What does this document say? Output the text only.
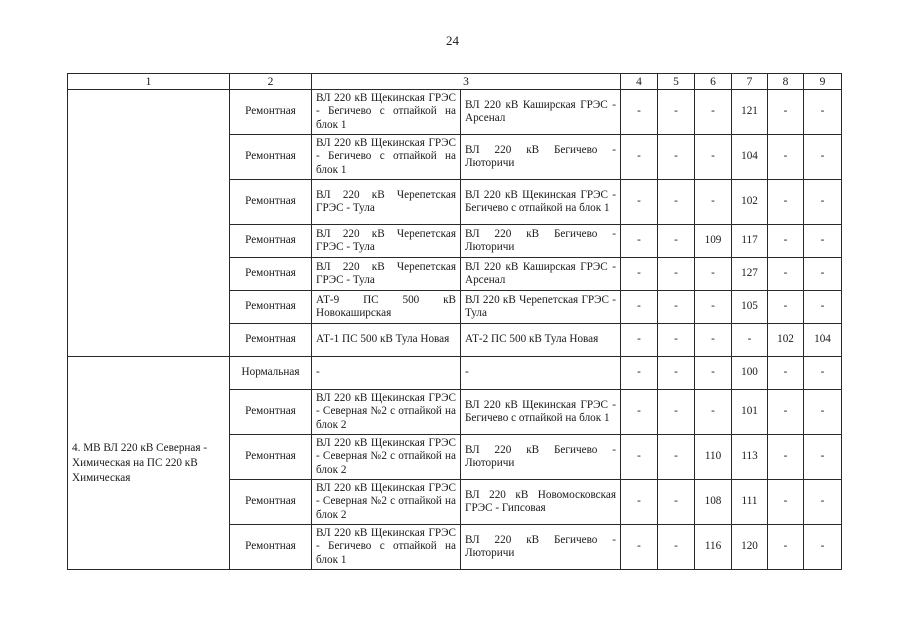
24
1	2	3		4	5	6	7	8	9
	Ремонтная	ВЛ 220 кВ Щекинская ГРЭС - Бегичево с отпайкой на блок 1	ВЛ 220 кВ Каширская ГРЭС - Арсенал	-	-	-	121	-	-
	Ремонтная	ВЛ 220 кВ Щекинская ГРЭС - Бегичево с отпайкой на блок 1	ВЛ 220 кВ Бегичево - Люторичи	-	-	-	104	-	-
	Ремонтная	ВЛ 220 кВ Черепетская ГРЭС - Тула	ВЛ 220 кВ Щекинская ГРЭС - Бегичево с отпайкой на блок 1	-	-	-	102	-	-
	Ремонтная	ВЛ 220 кВ Черепетская ГРЭС - Тула	ВЛ 220 кВ Бегичево - Люторичи	-	-	109	117	-	-
	Ремонтная	ВЛ 220 кВ Черепетская ГРЭС - Тула	ВЛ 220 кВ Каширская ГРЭС - Арсенал	-	-	-	127	-	-
	Ремонтная	АТ-9 ПС 500 кВ Новокаширская	ВЛ 220 кВ Черепетская ГРЭС - Тула	-	-	-	105	-	-
	Ремонтная	АТ-1 ПС 500 кВ Тула Новая	АТ-2 ПС 500 кВ Тула Новая	-	-	-	-	102	104
4. МВ ВЛ 220 кВ Северная - Химическая на ПС 220 кВ Химическая	Нормальная	-	-	-	-	-	100	-	-
	Ремонтная	ВЛ 220 кВ Щекинская ГРЭС - Северная №2 с отпайкой на блок 2	ВЛ 220 кВ Щекинская ГРЭС - Бегичево с отпайкой на блок 1	-	-	-	101	-	-
	Ремонтная	ВЛ 220 кВ Щекинская ГРЭС - Северная №2 с отпайкой на блок 2	ВЛ 220 кВ Бегичево - Люторичи	-	-	110	113	-	-
	Ремонтная	ВЛ 220 кВ Щекинская ГРЭС - Северная №2 с отпайкой на блок 2	ВЛ 220 кВ Новомосковская ГРЭС - Гипсовая	-	-	108	111	-	-
	Ремонтная	ВЛ 220 кВ Щекинская ГРЭС - Бегичево с отпайкой на блок 1	ВЛ 220 кВ Бегичево - Люторичи	-	-	116	120	-	-
